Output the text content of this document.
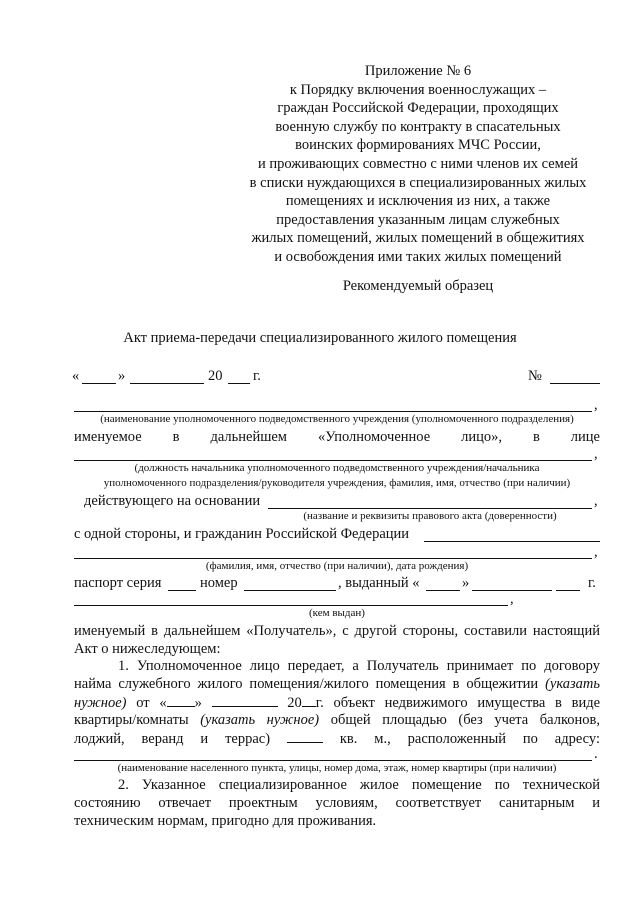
Приложение № 6
к Порядку включения военнослужащих –
граждан Российской Федерации, проходящих
военную службу по контракту в спасательных
воинских формированиях МЧС России,
и проживающих совместно с ними членов их семей
в списки нуждающихся в специализированных жилых
помещениях и исключения из них, а также
предоставления указанным лицам служебных
жилых помещений, жилых помещений в общежитиях
и освобождения ими таких жилых помещений
Рекомендуемый образец
Акт приема-передачи специализированного жилого помещения
«	»	20 г.	№
,
(наименование уполномоченного подведомственного учреждения (уполномоченного подразделения)
именуемое в дальнейшем «Уполномоченное лицо», в лице
,
(должность начальника уполномоченного подведомственного учреждения/начальника
уполномоченного подразделения/руководителя учреждения, фамилия, имя, отчество (при наличии)
действующего на основании	,
(название и реквизиты правового акта (доверенности)
с одной стороны, и гражданин Российской Федерации
,
(фамилия, имя, отчество (при наличии), дата рождения)
паспорт серия	номер	, выданный «	»	г.
,
(кем выдан)
именуемый в дальнейшем «Получатель», с другой стороны, составили настоящий
Акт о нижеследующем:
1. Уполномоченное лицо передает, а Получатель принимает по договору
найма служебного жилого помещения/жилого помещения в общежитии (указать
нужное) от « »	20 г. объект недвижимого имущества в виде
квартиры/комнаты (указать нужное) общей площадью (без учета балконов,
лоджий, веранд и террас)	кв. м., расположенный по адресу:
.
(наименование населенного пункта, улицы, номер дома, этаж, номер квартиры (при наличии)
2. Указанное специализированное жилое помещение по технической
состоянию отвечает проектным условиям, соответствует санитарным и
техническим нормам, пригодно для проживания.
